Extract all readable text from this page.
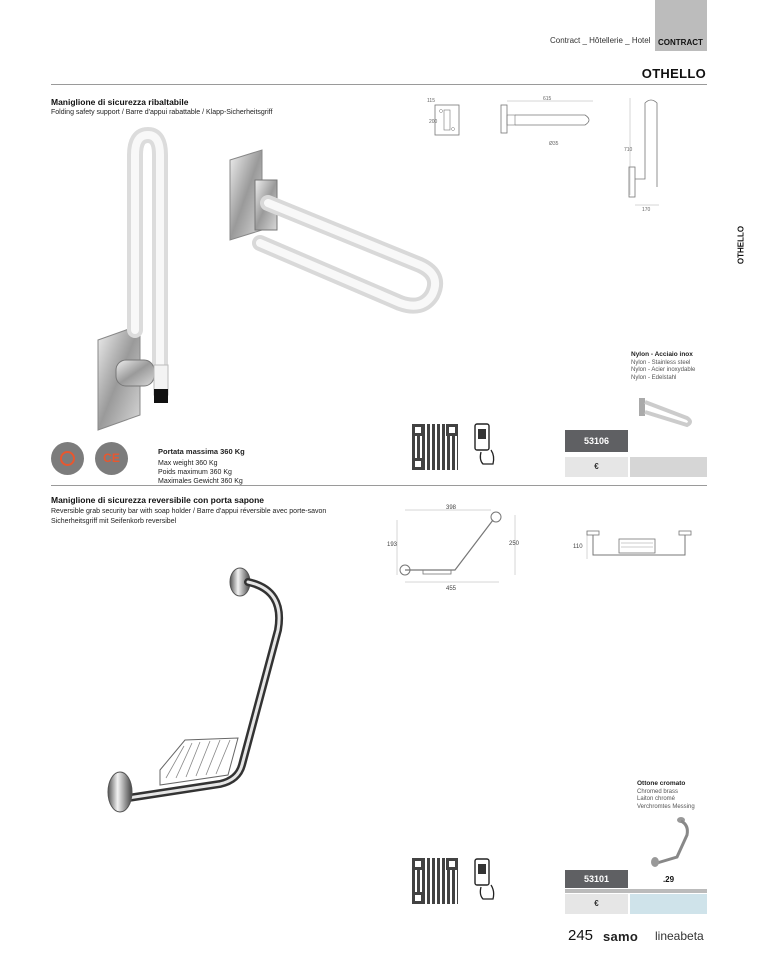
Contract _ Hôtellerie _ Hotel CONTRACT
OTHELLO
OTHELLO
Maniglione di sicurezza ribaltabile
Folding safety support / Barre d'appui rabattable / Klapp-Sicherheitsgriff
115
200
615
Ø35
710
170
CE	Portata massima 360 Kg
Max weight 360 Kg
Poids maximum 360 Kg
Maximales Gewicht 360 Kg
Nylon - Acciaio inox
Nylon - Stainless steel
Nylon - Acier inoxydable
Nylon - Edelstahl
53106
€
Maniglione di sicurezza reversibile con porta sapone
Reversible grab security bar with soap holder / Barre d'appui réversible avec porte-savon
Sicherheitsgriff mit Seifenkorb reversibel
398
193	250
455
110
Ottone cromato
Chromed brass
Laiton chromé
Verchromtes Messing
53101	.29
€
245 samo lineabeta
